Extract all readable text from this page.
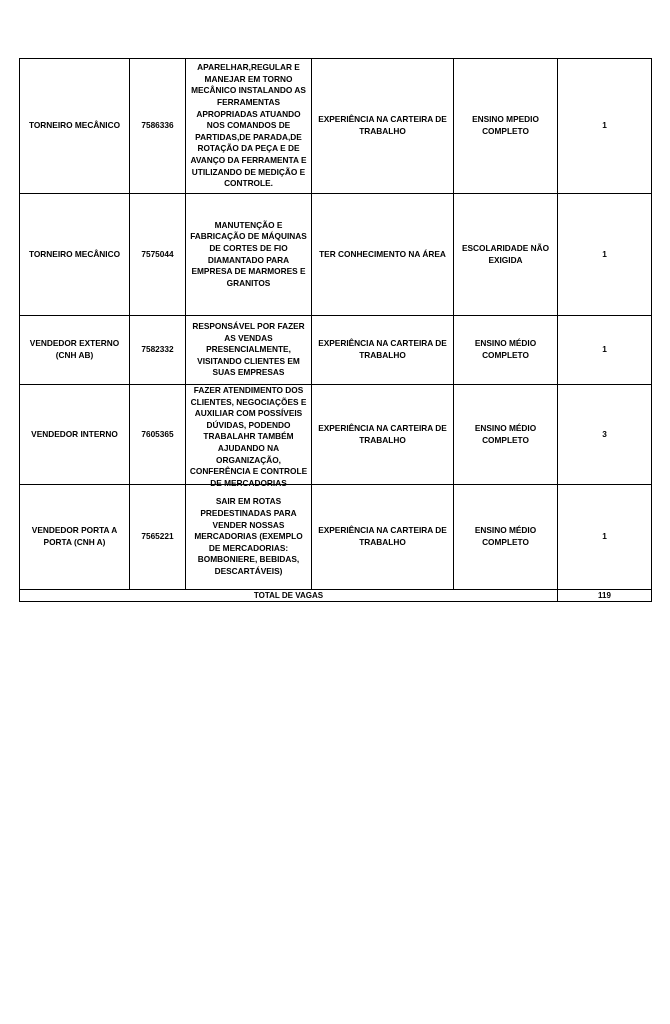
TORNEIRO MECÂNICO	7586336	APARELHAR,REGULAR E MANEJAR EM TORNO MECÂNICO INSTALANDO AS FERRAMENTAS APROPRIADAS ATUANDO NOS COMANDOS DE PARTIDAS,DE PARADA,DE ROTAÇÃO DA PEÇA E DE AVANÇO DA FERRAMENTA E UTILIZANDO DE MEDIÇÃO E CONTROLE.	EXPERIÊNCIA NA CARTEIRA DE TRABALHO	ENSINO MPEDIO COMPLETO	1
TORNEIRO MECÂNICO	7575044	MANUTENÇÃO E FABRICAÇÃO DE MÁQUINAS DE CORTES DE FIO DIAMANTADO PARA EMPRESA DE MARMORES E GRANITOS	TER CONHECIMENTO NA ÁREA	ESCOLARIDADE NÃO EXIGIDA	1
VENDEDOR EXTERNO (CNH AB)	7582332	RESPONSÁVEL POR FAZER AS VENDAS PRESENCIALMENTE, VISITANDO CLIENTES EM SUAS EMPRESAS	EXPERIÊNCIA NA CARTEIRA DE TRABALHO	ENSINO MÉDIO COMPLETO	1
VENDEDOR INTERNO	7605365	FAZER ATENDIMENTO DOS CLIENTES, NEGOCIAÇÕES E AUXILIAR COM POSSÍVEIS DÚVIDAS, PODENDO TRABALAHR TAMBÉM AJUDANDO NA ORGANIZAÇÃO, CONFERÊNCIA E CONTROLE DE MERCADORIAS	EXPERIÊNCIA NA CARTEIRA DE TRABALHO	ENSINO MÉDIO COMPLETO	3
VENDEDOR PORTA A PORTA (CNH A)	7565221	SAIR EM ROTAS PREDESTINADAS PARA VENDER NOSSAS MERCADORIAS (EXEMPLO DE MERCADORIAS: BOMBONIERE, BEBIDAS, DESCARTÁVEIS)	EXPERIÊNCIA NA CARTEIRA DE TRABALHO	ENSINO MÉDIO COMPLETO	1
TOTAL DE VAGAS					119
